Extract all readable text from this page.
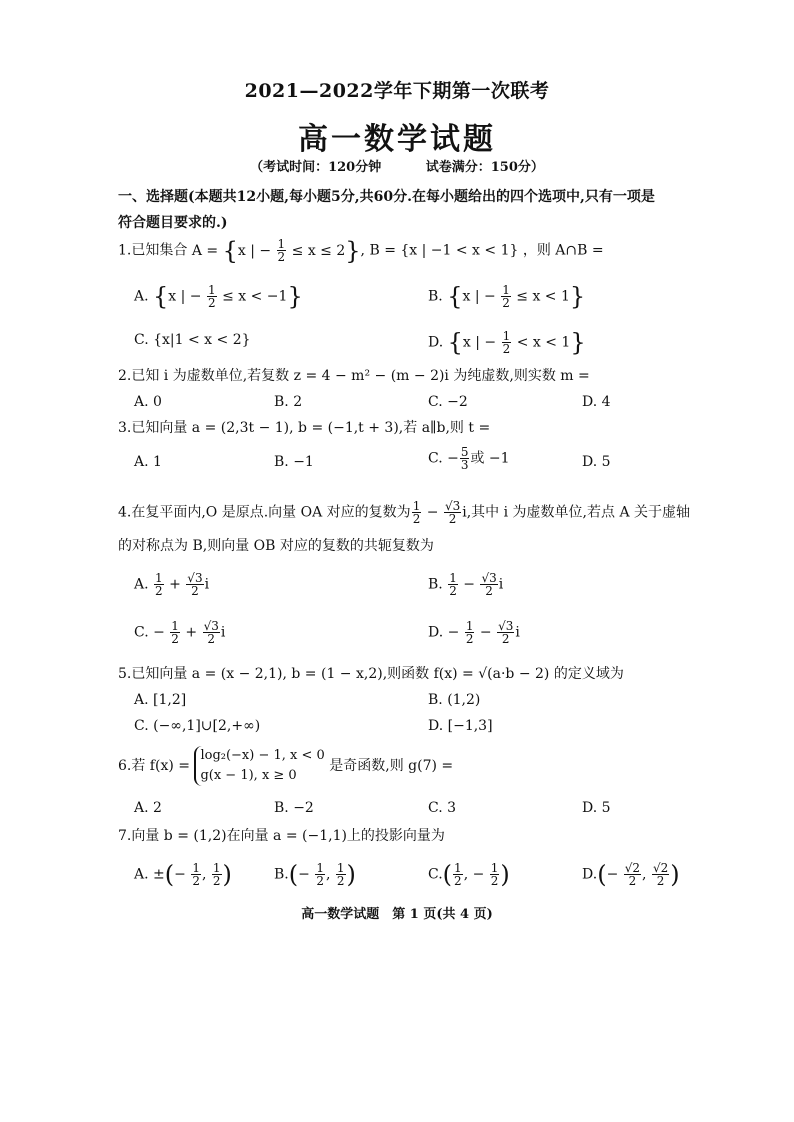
2021—2022学年下期第一次联考
高一数学试题
（考试时间：120分钟	试卷满分：150分）
一、选择题(本题共12小题,每小题5分,共60分.在每小题给出的四个选项中,只有一项是符合题目要求的.)
1.已知集合 A = {x | − $\frac{1}{2} \le x \le 2$}, B = {x | −1 < x < 1} ，则 A∩B =
A. {x | − $\frac{1}{2} \le x < -1$}	B. {x | − $\frac{1}{2} \le x < 1$}
C. {x|1 < x < 2}	D. {x | − $\frac{1}{2} < x < 1$}
2.已知 i 为虚数单位,若复数 z = 4 − m² − (m − 2)i 为纯虚数,则实数 m =
A. 0	B. 2	C. −2	D. 4
3.已知向量 a = (2,3t − 1), b = (−1,t + 3),若 a∥b,则 t =
A. 1	B. −1	C. − $\frac{5}{3}$ 或 −1	D. 5
4.在复平面内,O 是原点.向量 OA 对应的复数为 $\frac{1}{2} - \frac{√3}{2} i$,其中 i 为虚数单位,若点 A 关于虚轴
的对称点为 B,则向量 OB 对应的复数的共轭复数为
A. $\frac{1}{2} + \frac{√3}{2}$ i	B. $\frac{1}{2} - \frac{√3}{2}$ i
C. − $\frac{1}{2} + \frac{√3}{2}$ i	D. − $\frac{1}{2} - \frac{√3}{2}$ i
5.已知向量 a = (x − 2,1), b = (1 − x,2),则函数 f(x) = √(a·b − 2) 的定义域为
A. [1,2]	B. (1,2)
C. (−∞,1]∪[2,+∞)	D. [−1,3]
6.若 f(x) =
log₂(−x) − 1, x < 0
g(x − 1), x ≥ 0
是奇函数,则 g(7) =
A. 2	B. −2	C. 3	D. 5
7.向量 b = (1,2)在向量 a = (−1,1)上的投影向量为
A. ±(− $\frac{1}{2}$ , $\frac{1}{2}$ )	$B.(- \frac{1}{2}$ , $\frac{1}{2}$ )	$C.( \frac{1}{2}$ , − $\frac{1}{2}$ )	$D.(- \frac{√2}{2}$ , $\frac{√2}{2}$ )
高一数学试题　第 1 页(共 4 页)
